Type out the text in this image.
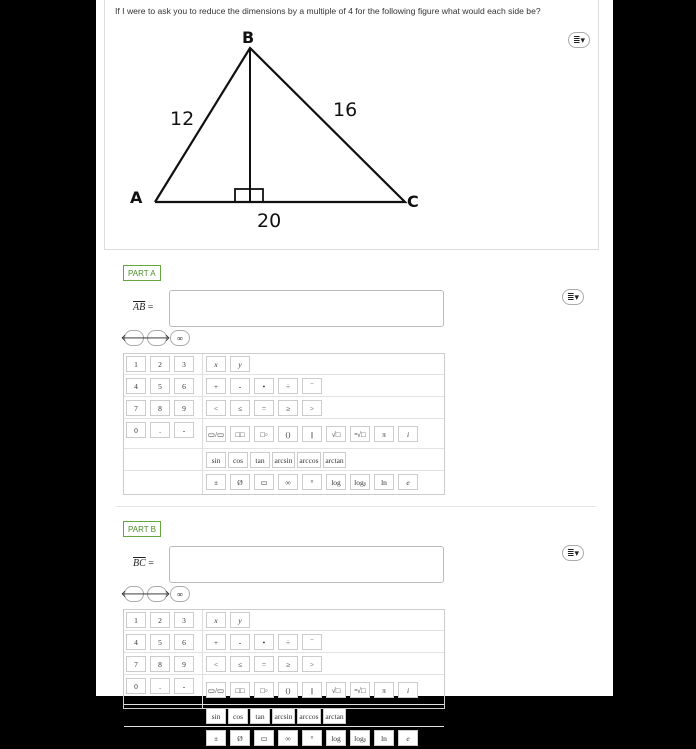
If I were to ask you to reduce the dimensions by a multiple of 4 for the following figure what would each side be?
B
A	C
12	16
20
≣▾
PART A
≣▾
$\overline{AB}$ =
🡐
🡒 ∞
1	2	3	x	y
4	5	6	+	-	•	÷	‾
7	8	9	<	≤	=	≥	>
0	.	-	▭/▭	□□	□▫	()	||	√□	ⁿ√□	π	i
sin	cos	tan	arcsin arccos arctan
±	Ø	▭	∞	°	log	logᵦ	ln	e
PART B
≣▾
$\overline{BC}$ =
🡐
🡒 ∞
1	2	3	x	y
4	5	6	+	-	•	÷	‾
7	8	9	<	≤	=	≥	>
0	.	-	▭/▭	□□	□▫	()	||	√□	ⁿ√□	π	i
sin	cos	tan	arcsin arccos arctan
±	Ø	▭	∞	°	log	logᵦ	ln	e
